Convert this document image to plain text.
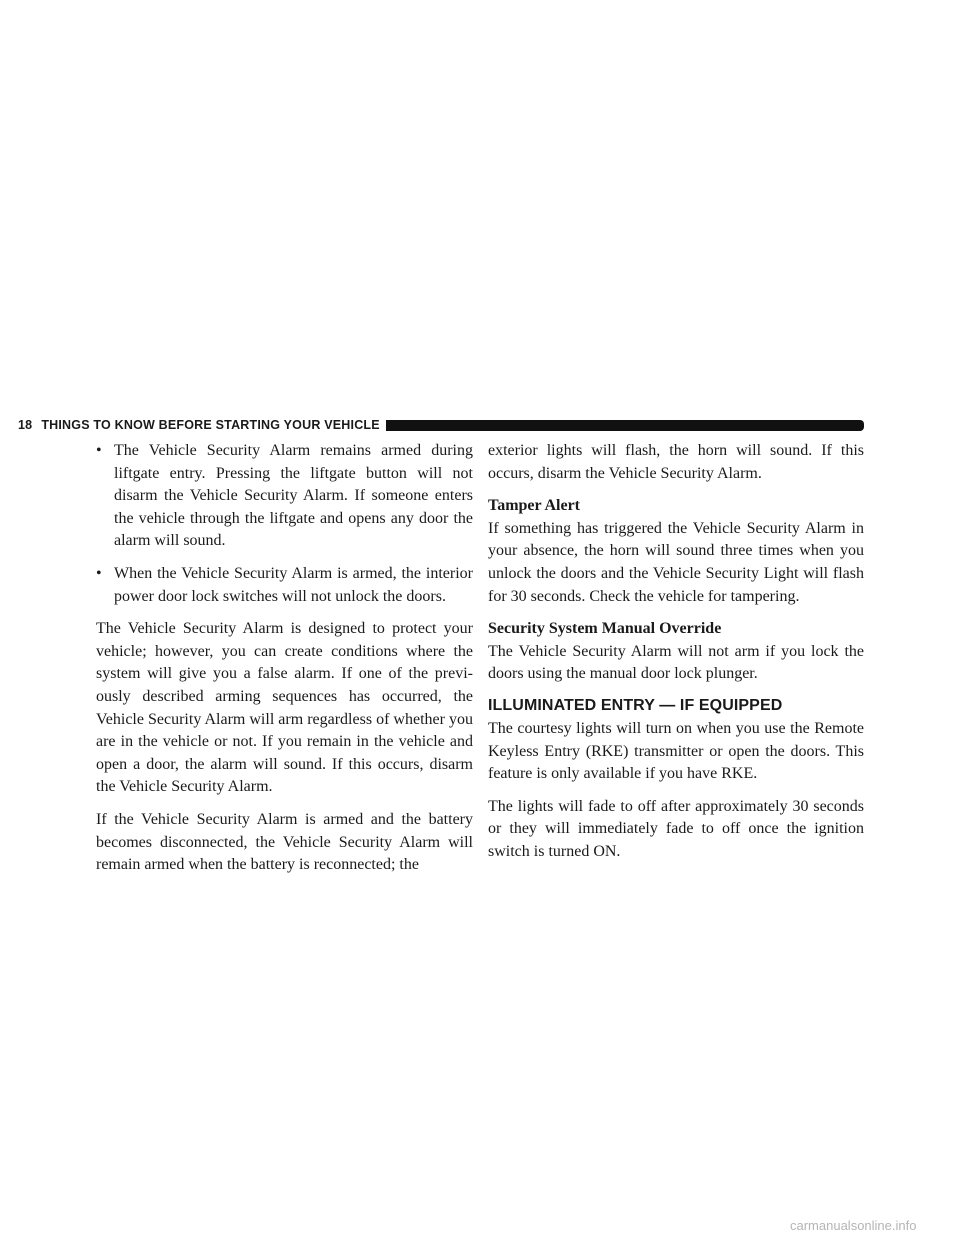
18 THINGS TO KNOW BEFORE STARTING YOUR VEHICLE
• The Vehicle Security Alarm remains armed during liftgate entry. Pressing the liftgate button will not disarm the Vehicle Security Alarm. If someone enters the vehicle through the liftgate and opens any door the alarm will sound.
• When the Vehicle Security Alarm is armed, the interior power door lock switches will not unlock the doors.

The Vehicle Security Alarm is designed to protect your vehicle; however, you can create conditions where the system will give you a false alarm. If one of the previ- ously described arming sequences has occurred, the Vehicle Security Alarm will arm regardless of whether you are in the vehicle or not. If you remain in the vehicle and open a door, the alarm will sound. If this occurs, disarm the Vehicle Security Alarm.

If the Vehicle Security Alarm is armed and the battery becomes disconnected, the Vehicle Security Alarm will remain armed when the battery is reconnected; the

exterior lights will flash, the horn will sound. If this occurs, disarm the Vehicle Security Alarm.

Tamper Alert

If something has triggered the Vehicle Security Alarm in your absence, the horn will sound three times when you unlock the doors and the Vehicle Security Light will flash for 30 seconds. Check the vehicle for tampering.

Security System Manual Override

The Vehicle Security Alarm will not arm if you lock the doors using the manual door lock plunger.

ILLUMINATED ENTRY — IF EQUIPPED

The courtesy lights will turn on when you use the Remote Keyless Entry (RKE) transmitter or open the doors. This feature is only available if you have RKE.

The lights will fade to off after approximately 30 seconds or they will immediately fade to off once the ignition switch is turned ON.

carmanualsonline.info
